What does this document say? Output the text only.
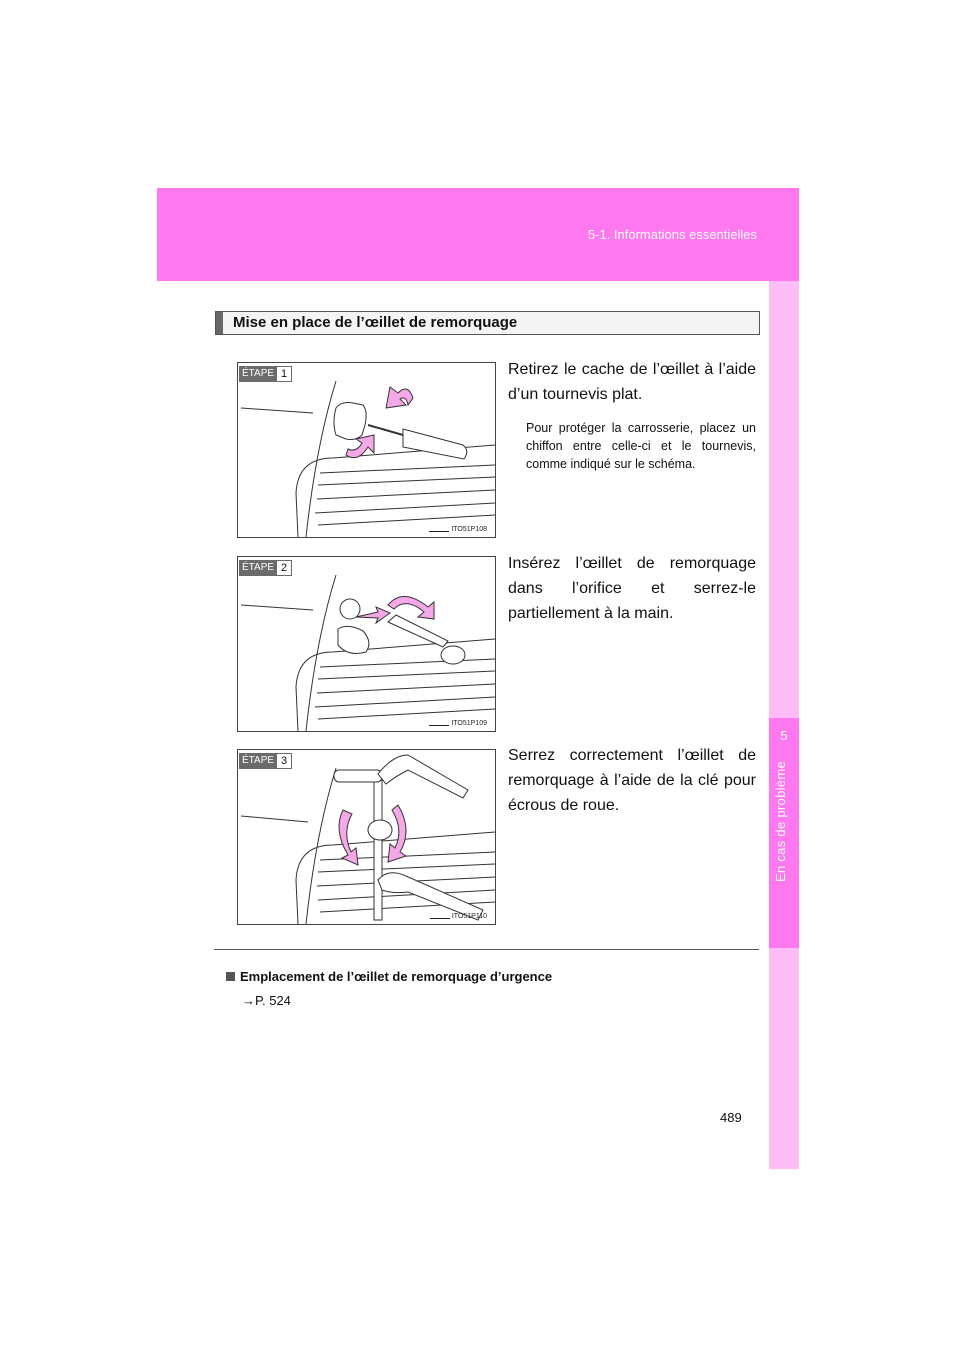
5-1. Informations essentielles
5
En cas de problème
Mise en place de l’œillet de remorquage
ÉTAPE 1
ITO51P108
Retirez le cache de l’œillet à l’aide d’un tournevis plat.
Pour protéger la carrosserie, placez un chiffon entre celle-ci et le tournevis, comme indiqué sur le schéma.
ÉTAPE 2
ITO51P109
Insérez l’œillet de remorquage dans l’orifice et serrez-le partiellement à la main.
ÉTAPE 3
ITO51P110
Serrez correctement l’œillet de remorquage à l’aide de la clé pour écrous de roue.
Emplacement de l’œillet de remorquage d’urgence
→P. 524
489
